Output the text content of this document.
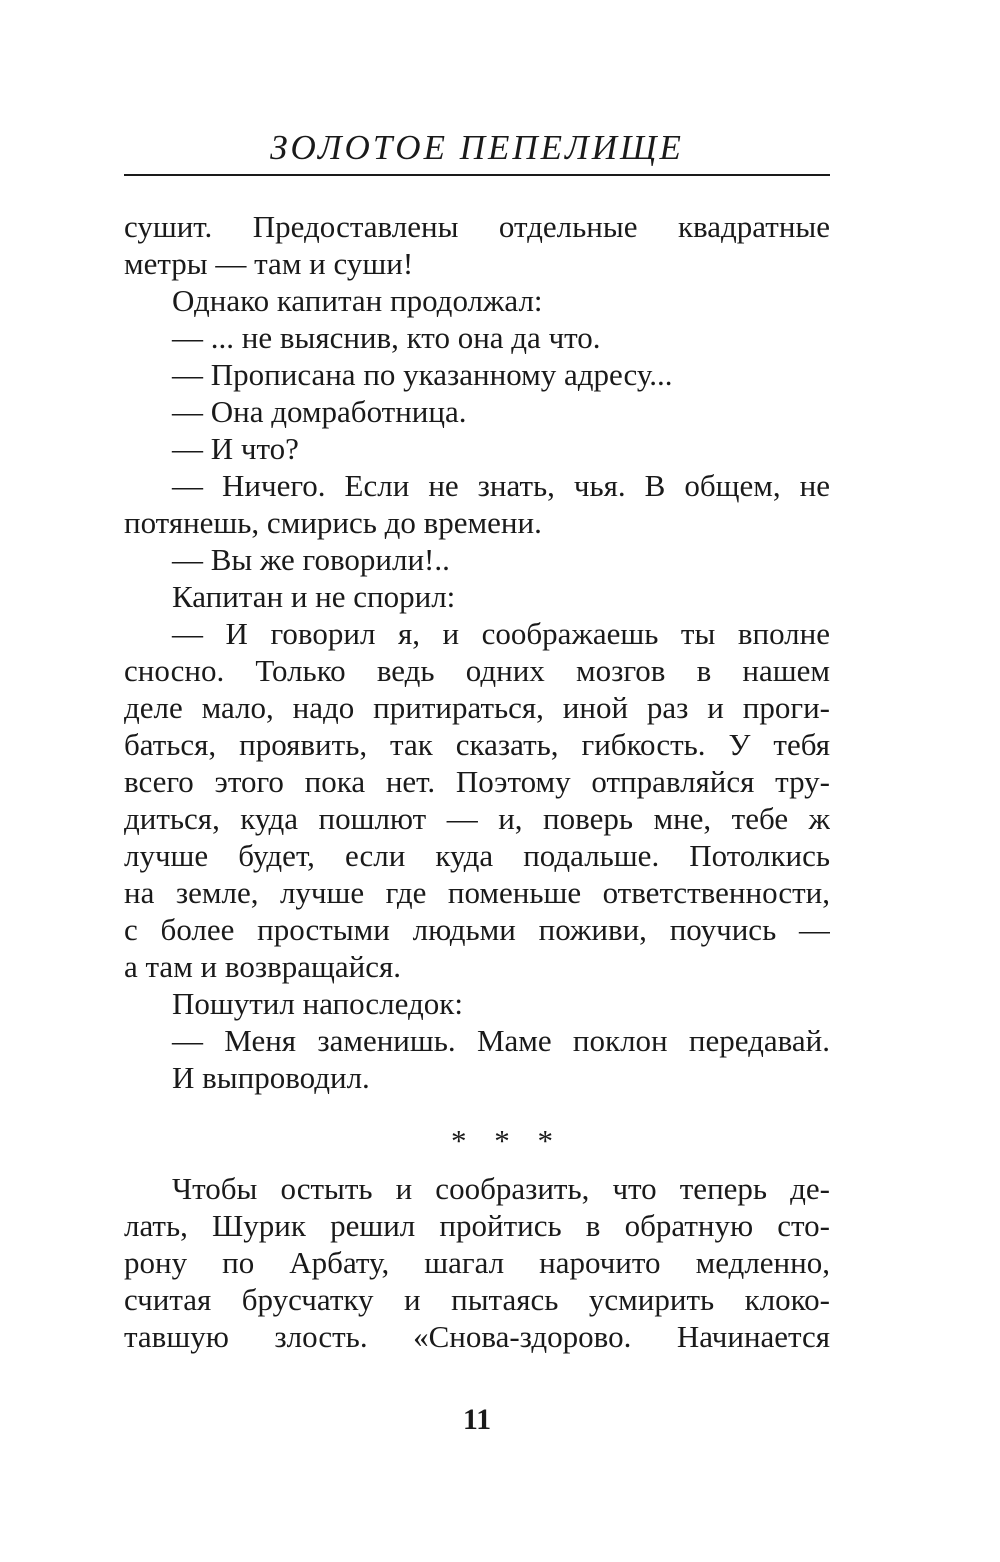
ЗОЛОТОЕ ПЕПЕЛИЩЕ
сушит. Предоставлены отдельные квадратные
метры — там и суши!
Однако капитан продолжал:
— ... не выяснив, кто она да что.
— Прописана по указанному адресу...
— Она домработница.
— И что?
— Ничего. Если не знать, чья. В общем, не
потянешь, смирись до времени.
— Вы же говорили!..
Капитан и не спорил:
— И говорил я, и соображаешь ты вполне
сносно. Только ведь одних мозгов в нашем
деле мало, надо притираться, иной раз и проги-
баться, проявить, так сказать, гибкость. У тебя
всего этого пока нет. Поэтому отправляйся тру-
диться, куда пошлют — и, поверь мне, тебе ж
лучше будет, если куда подальше. Потолкись
на земле, лучше где поменьше ответственности,
с более простыми людьми поживи, поучись —
а там и возвращайся.
Пошутил напоследок:
— Меня заменишь. Маме поклон передавай.
И выпроводил.
* * *
Чтобы остыть и сообразить, что теперь де-
лать, Шурик решил пройтись в обратную сто-
рону по Арбату, шагал нарочито медленно,
считая брусчатку и пытаясь усмирить клоко-
тавшую злость. «Снова-здорово. Начинается
11
